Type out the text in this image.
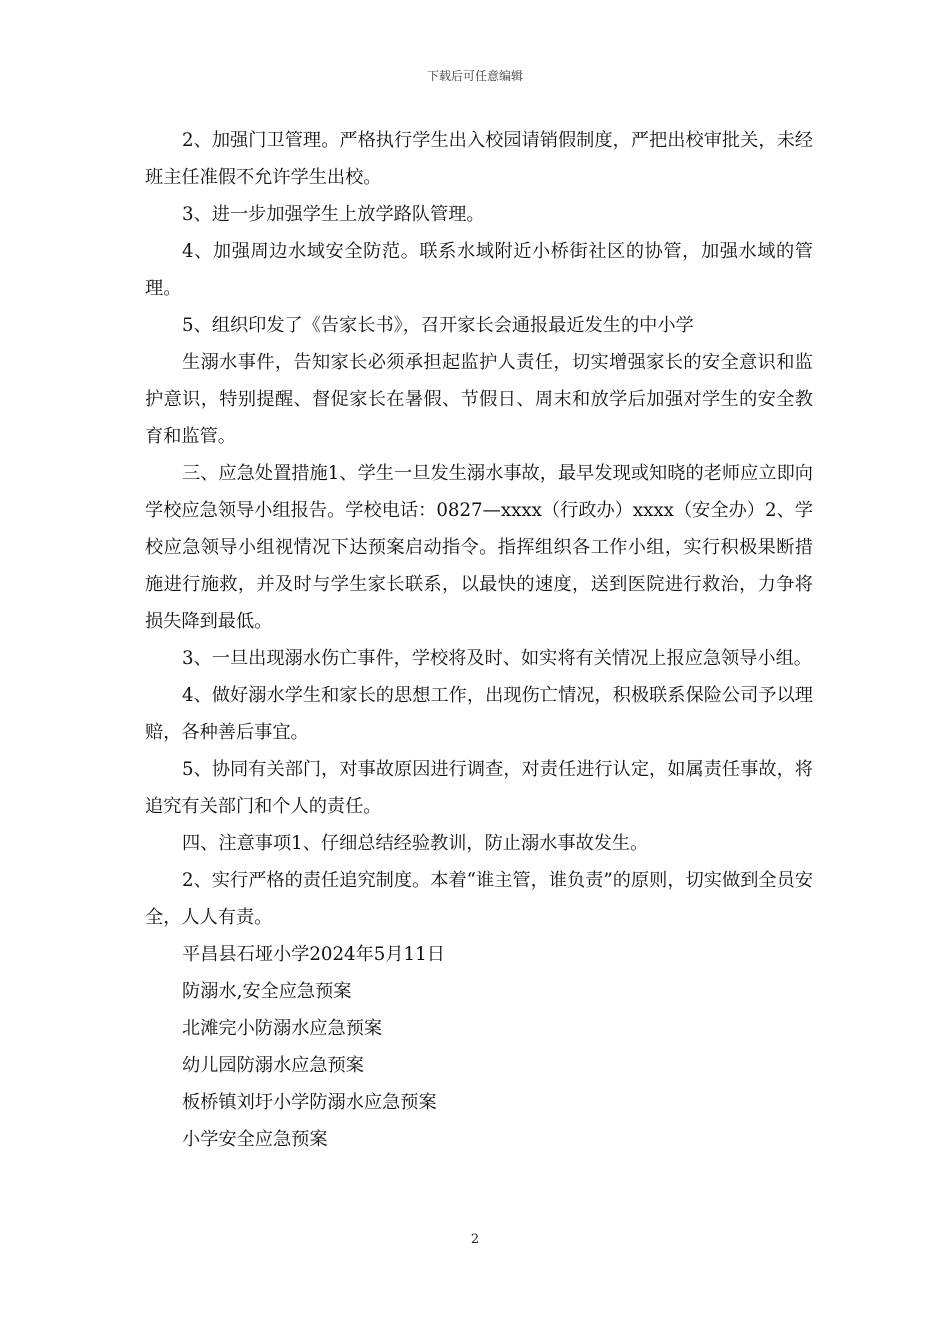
下载后可任意编辑

2、加强门卫管理。严格执行学生出入校园请销假制度，严把出校审批关，未经班主任准假不允许学生出校。

3、进一步加强学生上放学路队管理。

4、加强周边水域安全防范。联系水域附近小桥街社区的协管，加强水域的管理。

5、组织印发了《告家长书》，召开家长会通报最近发生的中小学

生溺水事件，告知家长必须承担起监护人责任，切实增强家长的安全意识和监护意识，特别提醒、督促家长在暑假、节假日、周末和放学后加强对学生的安全教育和监管。

三、应急处置措施1、学生一旦发生溺水事故，最早发现或知晓的老师应立即向学校应急领导小组报告。学校电话：0827—xxxx（行政办）xxxx（安全办）2、学校应急领导小组视情况下达预案启动指令。指挥组织各工作小组，实行积极果断措施进行施救，并及时与学生家长联系，以最快的速度，送到医院进行救治，力争将损失降到最低。

3、一旦出现溺水伤亡事件，学校将及时、如实将有关情况上报应急领导小组。

4、做好溺水学生和家长的思想工作，出现伤亡情况，积极联系保险公司予以理赔，各种善后事宜。

5、协同有关部门，对事故原因进行调查，对责任进行认定，如属责任事故，将追究有关部门和个人的责任。

四、注意事项1、仔细总结经验教训，防止溺水事故发生。

2、实行严格的责任追究制度。本着“谁主管，谁负责”的原则，切实做到全员安全，人人有责。

平昌县石垭小学2024年5月11日

防溺水,安全应急预案

北滩完小防溺水应急预案

幼儿园防溺水应急预案

板桥镇刘圩小学防溺水应急预案

小学安全应急预案

2
